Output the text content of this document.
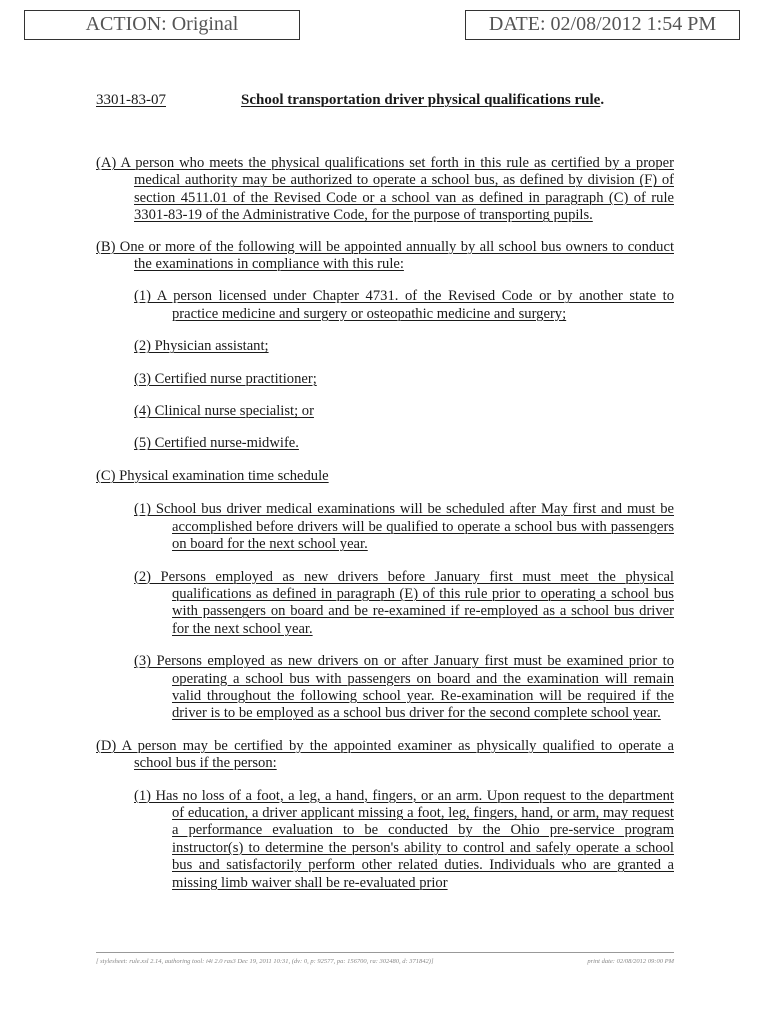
ACTION: Original	DATE: 02/08/2012 1:54 PM
3301-83-07	School transportation driver physical qualifications rule.

(A) A person who meets the physical qualifications set forth in this rule as certified by a proper medical authority may be authorized to operate a school bus, as defined by division (F) of section 4511.01 of the Revised Code or a school van as defined in paragraph (C) of rule 3301-83-19 of the Administrative Code, for the purpose of transporting pupils.

(B) One or more of the following will be appointed annually by all school bus owners to conduct the examinations in compliance with this rule:

(1) A person licensed under Chapter 4731. of the Revised Code or by another state to practice medicine and surgery or osteopathic medicine and surgery;

(2) Physician assistant;

(3) Certified nurse practitioner;

(4) Clinical nurse specialist; or

(5) Certified nurse-midwife.

(C) Physical examination time schedule

(1) School bus driver medical examinations will be scheduled after May first and must be accomplished before drivers will be qualified to operate a school bus with passengers on board for the next school year.

(2) Persons employed as new drivers before January first must meet the physical qualifications as defined in paragraph (E) of this rule prior to operating a school bus with passengers on board and be re-examined if re-employed as a school bus driver for the next school year.

(3) Persons employed as new drivers on or after January first must be examined prior to operating a school bus with passengers on board and the examination will remain valid throughout the following school year. Re-examination will be required if the driver is to be employed as a school bus driver for the second complete school year.

(D) A person may be certified by the appointed examiner as physically qualified to operate a school bus if the person:

(1) Has no loss of a foot, a leg, a hand, fingers, or an arm. Upon request to the department of education, a driver applicant missing a foot, leg, fingers, hand, or arm, may request a performance evaluation to be conducted by the Ohio pre-service program instructor(s) to determine the person's ability to control and safely operate a school bus and satisfactorily perform other related duties. Individuals who are granted a missing limb waiver shall be re-evaluated prior

[ stylesheet: rule.xsl 2.14, authoring tool: i4i 2.0 ras3 Dec 19, 2011 10:31, (dv: 0, p: 92577, pa: 156700, ra: 302480, d: 371842)]	print date: 02/08/2012 09:00 PM
